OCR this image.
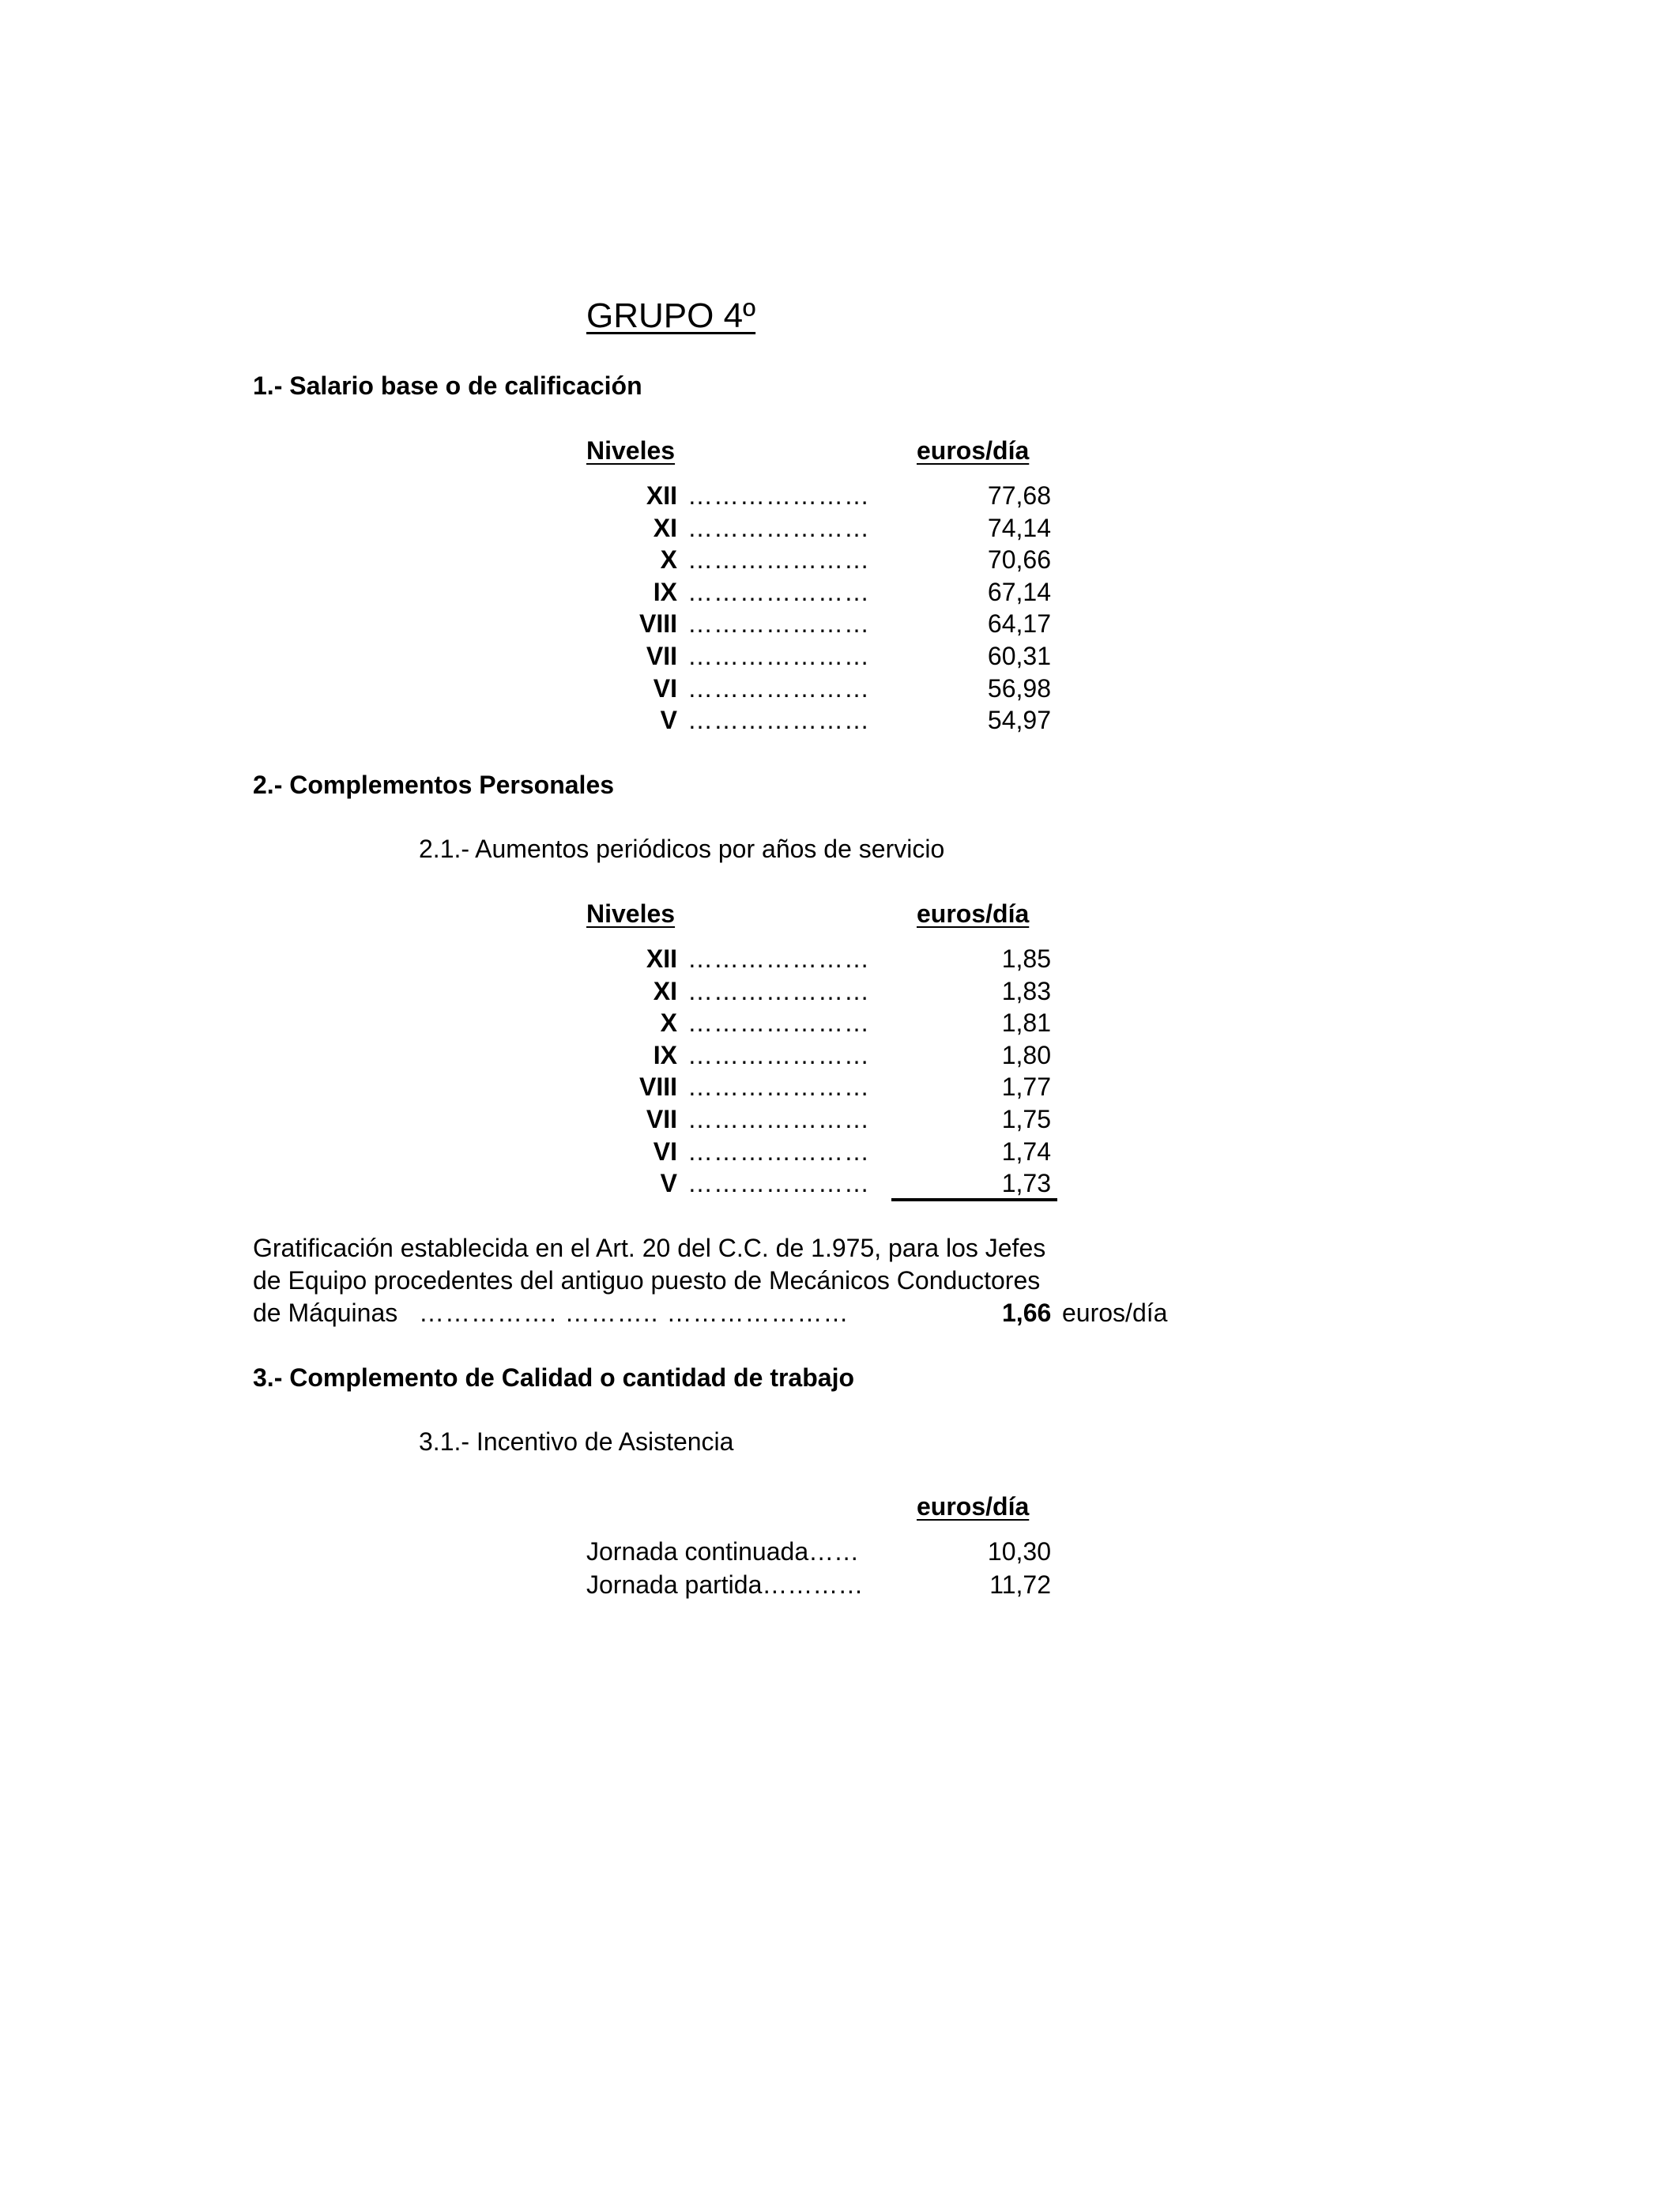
GRUPO 4º
1.- Salario base o de calificación
Niveles	euros/día
XII …………………	77,68
XI …………………	74,14
X …………………	70,66
IX …………………	67,14
VIII …………………	64,17
VII …………………	60,31
VI …………………	56,98
V …………………	54,97
2.- Complementos Personales
2.1.- Aumentos periódicos por años de servicio
Niveles	euros/día
XII …………………	1,85
XI …………………	1,83
X …………………	1,81
IX …………………	1,80
VIII …………………	1,77
VII …………………	1,75
VI …………………	1,74
V …………………	1,73
Gratificación establecida en el Art. 20 del C.C. de 1.975, para los Jefes
de Equipo procedentes del antiguo puesto de Mecánicos Conductores
de Máquinas ……………. ……….. …………………	1,66 euros/día
3.- Complemento de Calidad o cantidad de trabajo
3.1.- Incentivo de Asistencia
euros/día
Jornada continuada……	10,30
Jornada partida…………	11,72
